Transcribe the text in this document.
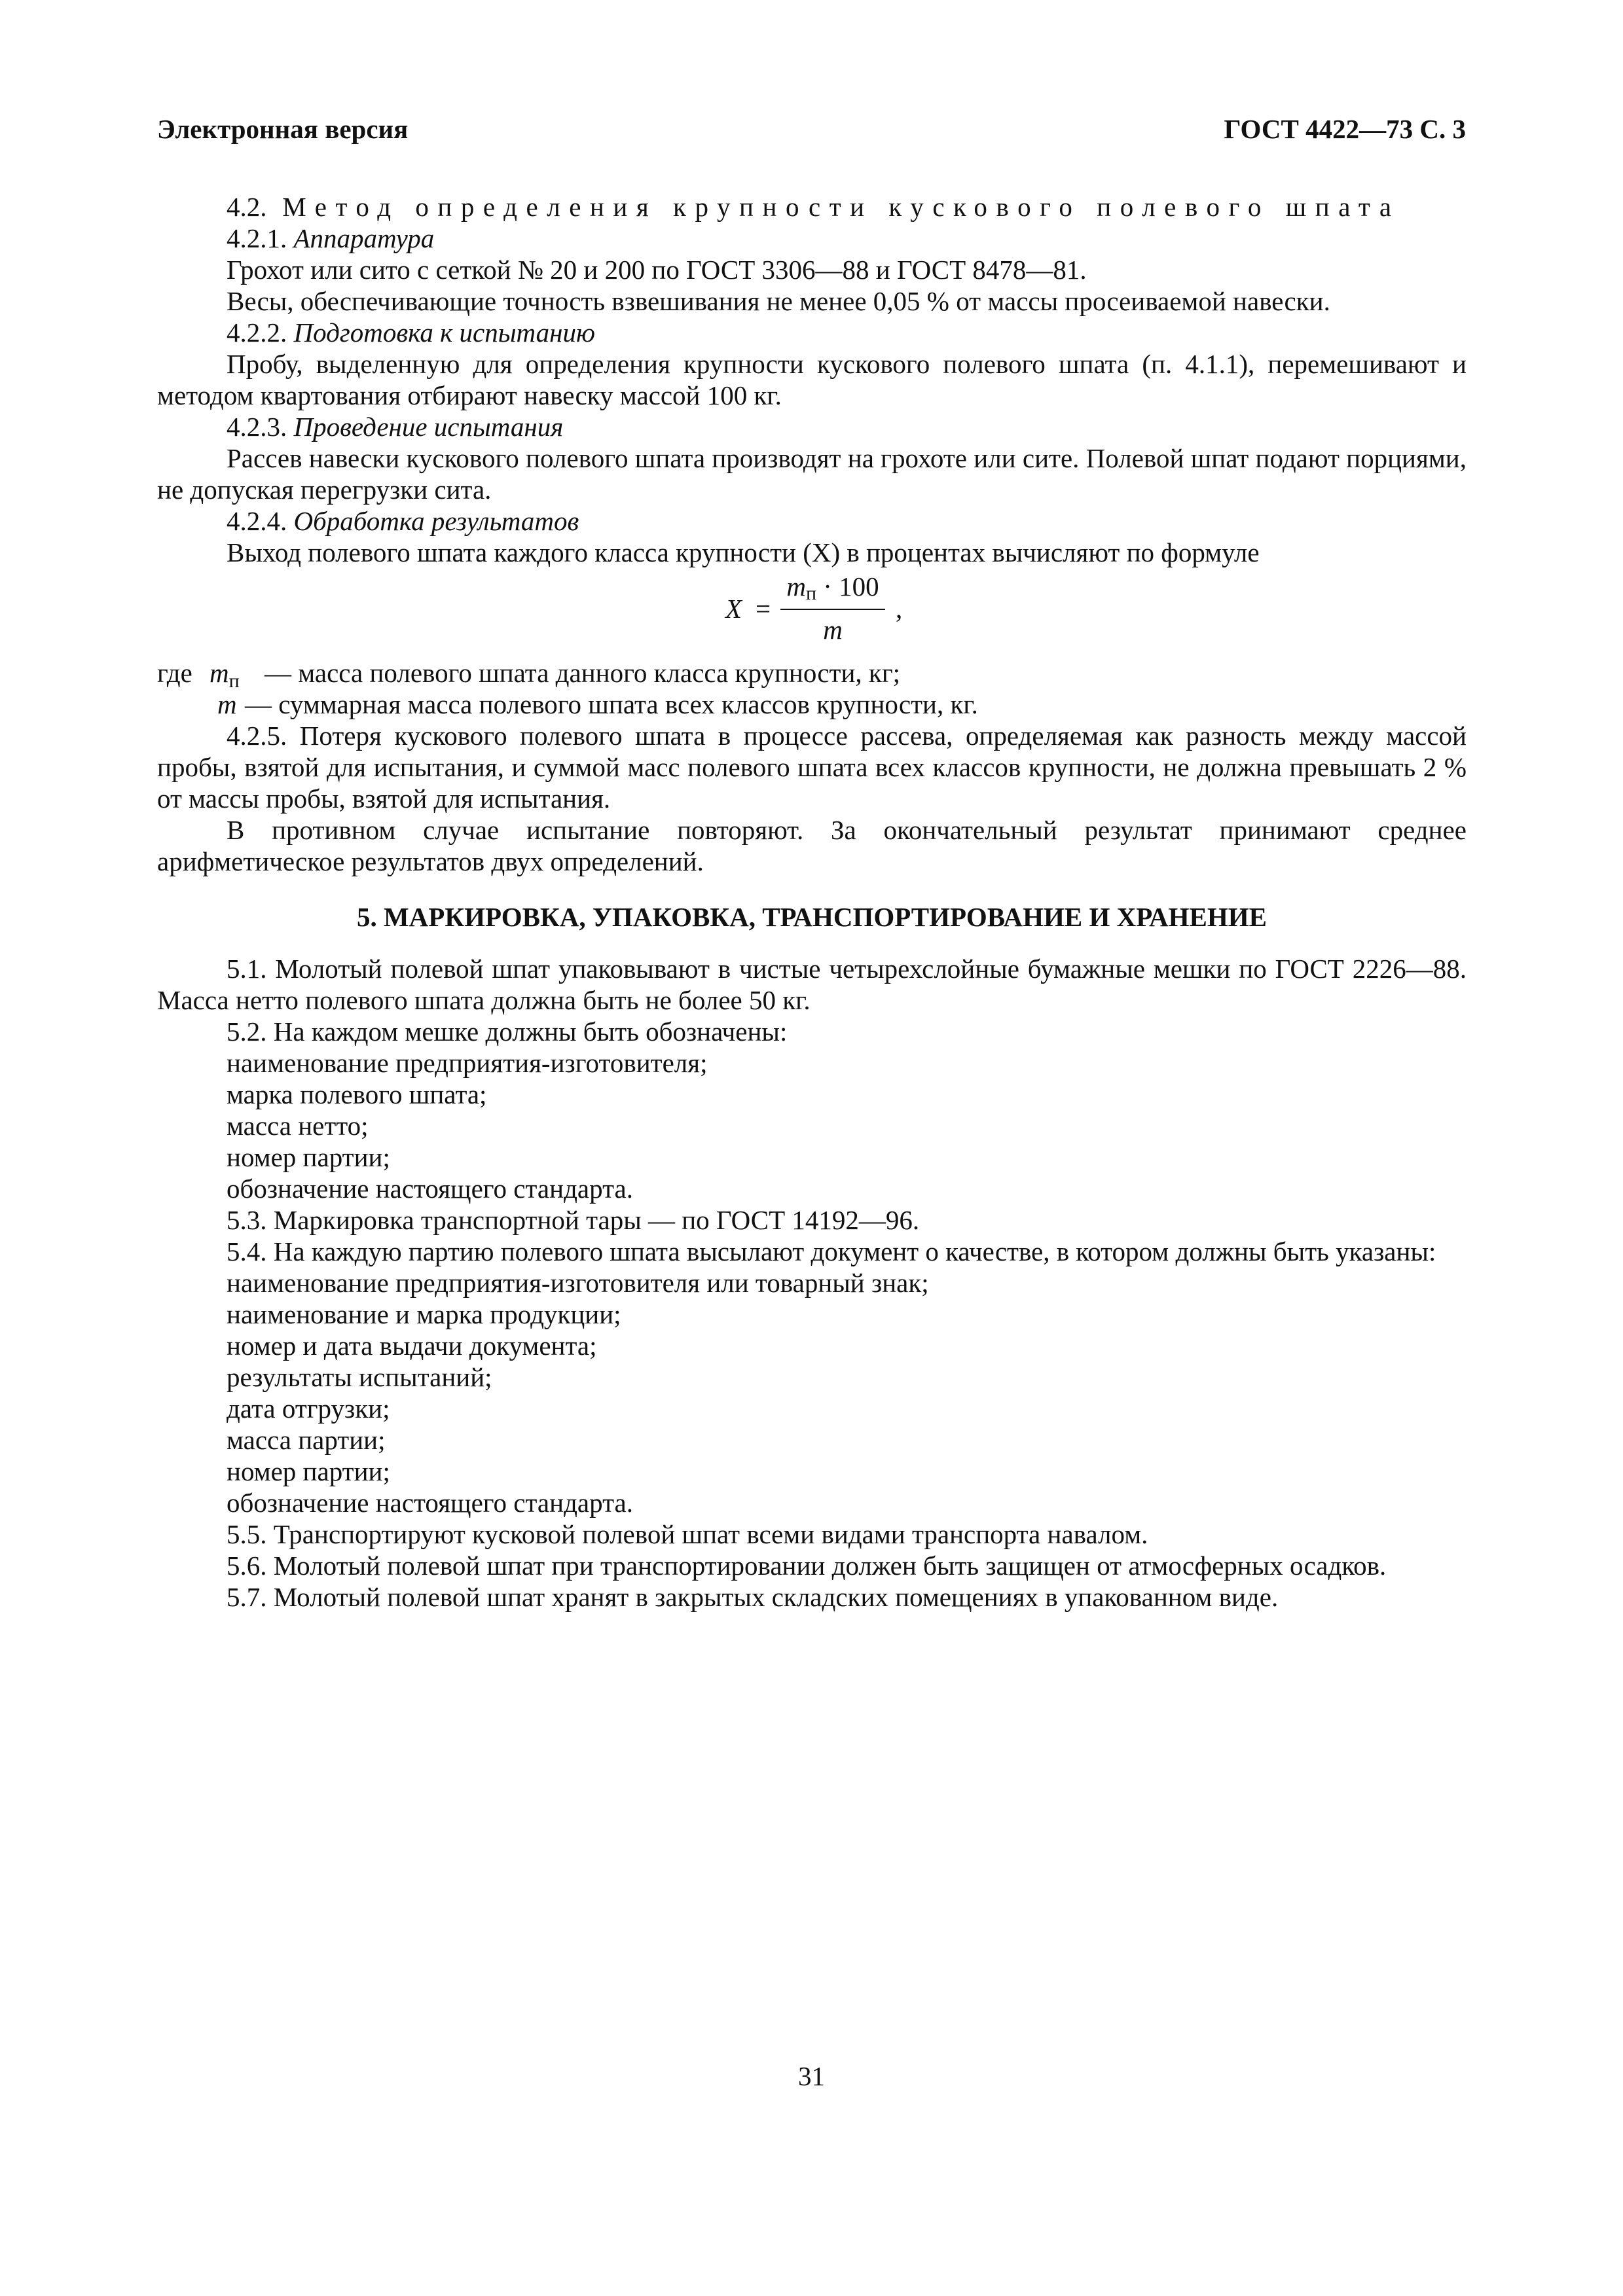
Электронная версия	ГОСТ 4422—73 С. 3

4.2. Метод определения крупности кускового полевого шпата

4.2.1. Аппаратура

Грохот или сито с сеткой № 20 и 200 по ГОСТ 3306—88 и ГОСТ 8478—81.

Весы, обеспечивающие точность взвешивания не менее 0,05 % от массы просеиваемой навески.

4.2.2. Подготовка к испытанию

Пробу, выделенную для определения крупности кускового полевого шпата (п. 4.1.1), перемешивают и методом квартования отбирают навеску массой 100 кг.

4.2.3. Проведение испытания

Рассев навески кускового полевого шпата производят на грохоте или сите. Полевой шпат подают порциями, не допуская перегрузки сита.

4.2.4. Обработка результатов

Выход полевого шпата каждого класса крупности (X) в процентах вычисляют по формуле

X =
mп · 100
m
,
где mп — масса полевого шпата данного класса крупности, кг;
m — суммарная масса полевого шпата всех классов крупности, кг.

4.2.5. Потеря кускового полевого шпата в процессе рассева, определяемая как разность между массой пробы, взятой для испытания, и суммой масс полевого шпата всех классов крупности, не должна превышать 2 % от массы пробы, взятой для испытания.

В противном случае испытание повторяют. За окончательный результат принимают среднее арифметическое результатов двух определений.

5. МАРКИРОВКА, УПАКОВКА, ТРАНСПОРТИРОВАНИЕ И ХРАНЕНИЕ

5.1. Молотый полевой шпат упаковывают в чистые четырехслойные бумажные мешки по ГОСТ 2226—88. Масса нетто полевого шпата должна быть не более 50 кг.

5.2. На каждом мешке должны быть обозначены:

наименование предприятия-изготовителя;

марка полевого шпата;

масса нетто;

номер партии;

обозначение настоящего стандарта.

5.3. Маркировка транспортной тары — по ГОСТ 14192—96.

5.4. На каждую партию полевого шпата высылают документ о качестве, в котором должны быть указаны:

наименование предприятия-изготовителя или товарный знак;

наименование и марка продукции;

номер и дата выдачи документа;

результаты испытаний;

дата отгрузки;

масса партии;

номер партии;

обозначение настоящего стандарта.

5.5. Транспортируют кусковой полевой шпат всеми видами транспорта навалом.

5.6. Молотый полевой шпат при транспортировании должен быть защищен от атмосферных осадков.

5.7. Молотый полевой шпат хранят в закрытых складских помещениях в упакованном виде.

31
